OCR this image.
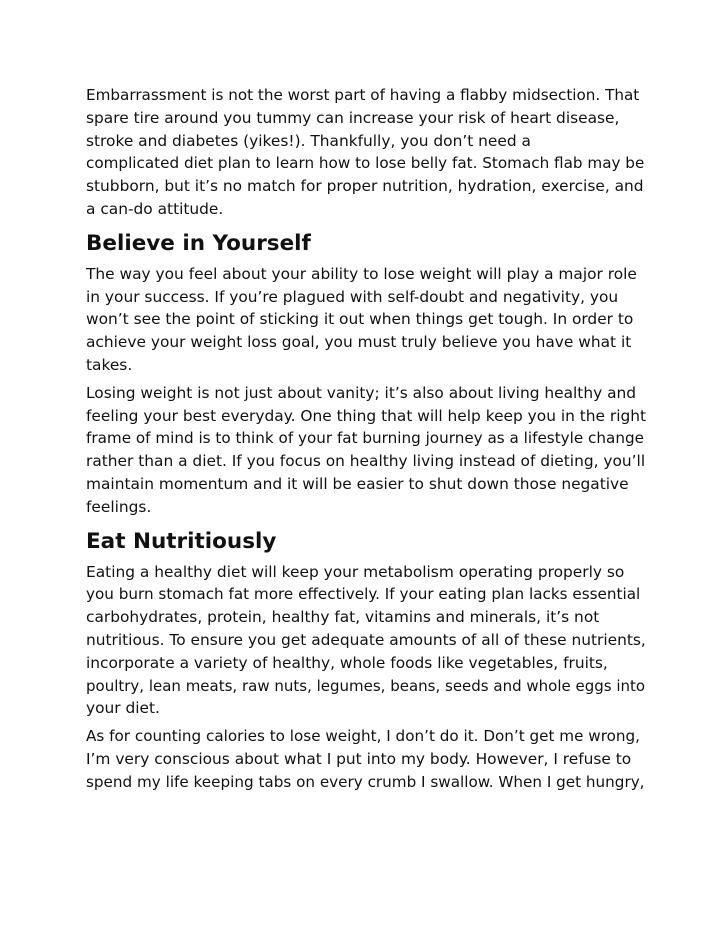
Embarrassment is not the worst part of having a flabby midsection. That
spare tire around you tummy can increase your risk of heart disease,
stroke and diabetes (yikes!). Thankfully, you don’t need a
complicated diet plan to learn how to lose belly fat. Stomach flab may be
stubborn, but it’s no match for proper nutrition, hydration, exercise, and
a can-do attitude.

Believe in Yourself

The way you feel about your ability to lose weight will play a major role
in your success. If you’re plagued with self-doubt and negativity, you
won’t see the point of sticking it out when things get tough. In order to
achieve your weight loss goal, you must truly believe you have what it
takes.

Losing weight is not just about vanity; it’s also about living healthy and
feeling your best everyday. One thing that will help keep you in the right
frame of mind is to think of your fat burning journey as a lifestyle change
rather than a diet. If you focus on healthy living instead of dieting, you’ll
maintain momentum and it will be easier to shut down those negative
feelings.

Eat Nutritiously

Eating a healthy diet will keep your metabolism operating properly so
you burn stomach fat more effectively. If your eating plan lacks essential
carbohydrates, protein, healthy fat, vitamins and minerals, it’s not
nutritious. To ensure you get adequate amounts of all of these nutrients,
incorporate a variety of healthy, whole foods like vegetables, fruits,
poultry, lean meats, raw nuts, legumes, beans, seeds and whole eggs into
your diet.

As for counting calories to lose weight, I don’t do it. Don’t get me wrong,
I’m very conscious about what I put into my body. However, I refuse to
spend my life keeping tabs on every crumb I swallow. When I get hungry,
